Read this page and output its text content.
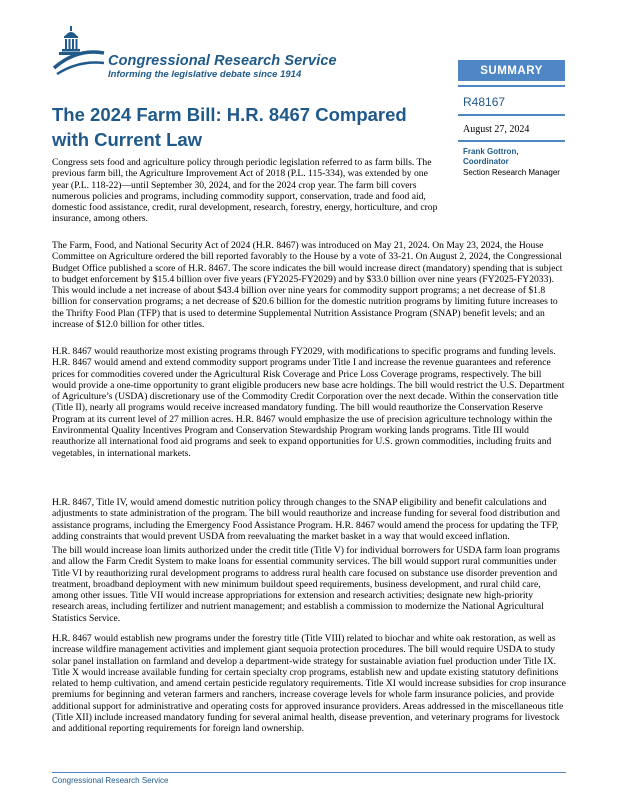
Congressional Research Service
Informing the legislative debate since 1914	SUMMARY
R48167
August 27, 2024
Frank Gottron,
Coordinator
Section Research Manager
The 2024 Farm Bill: H.R. 8467 Compared with Current Law

Congress sets food and agriculture policy through periodic legislation referred to as farm bills. The previous farm bill, the Agriculture Improvement Act of 2018 (P.L. 115-334), was extended by one year (P.L. 118-22)—until September 30, 2024, and for the 2024 crop year. The farm bill covers numerous policies and programs, including commodity support, conservation, trade and food aid, domestic food assistance, credit, rural development, research, forestry, energy, horticulture, and crop insurance, among others.

The Farm, Food, and National Security Act of 2024 (H.R. 8467) was introduced on May 21, 2024. On May 23, 2024, the House Committee on Agriculture ordered the bill reported favorably to the House by a vote of 33-21. On August 2, 2024, the Congressional Budget Office published a score of H.R. 8467. The score indicates the bill would increase direct (mandatory) spending that is subject to budget enforcement by $15.4 billion over five years (FY2025-FY2029) and by $33.0 billion over nine years (FY2025-FY2033). This would include a net increase of about $43.4 billion over nine years for commodity support programs; a net decrease of $1.8 billion for conservation programs; a net decrease of $20.6 billion for the domestic nutrition programs by limiting future increases to the Thrifty Food Plan (TFP) that is used to determine Supplemental Nutrition Assistance Program (SNAP) benefit levels; and an increase of $12.0 billion for other titles.

H.R. 8467 would reauthorize most existing programs through FY2029, with modifications to specific programs and funding levels. H.R. 8467 would amend and extend commodity support programs under Title I and increase the revenue guarantees and reference prices for commodities covered under the Agricultural Risk Coverage and Price Loss Coverage programs, respectively. The bill would provide a one-time opportunity to grant eligible producers new base acre holdings. The bill would restrict the U.S. Department of Agriculture’s (USDA) discretionary use of the Commodity Credit Corporation over the next decade. Within the conservation title (Title II), nearly all programs would receive increased mandatory funding. The bill would reauthorize the Conservation Reserve Program at its current level of 27 million acres. H.R. 8467 would emphasize the use of precision agriculture technology within the Environmental Quality Incentives Program and Conservation Stewardship Program working lands programs. Title III would reauthorize all international food aid programs and seek to expand opportunities for U.S. grown commodities, including fruits and vegetables, in international markets.

H.R. 8467, Title IV, would amend domestic nutrition policy through changes to the SNAP eligibility and benefit calculations and adjustments to state administration of the program. The bill would reauthorize and increase funding for several food distribution and assistance programs, including the Emergency Food Assistance Program. H.R. 8467 would amend the process for updating the TFP, adding constraints that would prevent USDA from reevaluating the market basket in a way that would exceed inflation.

The bill would increase loan limits authorized under the credit title (Title V) for individual borrowers for USDA farm loan programs and allow the Farm Credit System to make loans for essential community services. The bill would support rural communities under Title VI by reauthorizing rural development programs to address rural health care focused on substance use disorder prevention and treatment, broadband deployment with new minimum buildout speed requirements, business development, and rural child care, among other issues. Title VII would increase appropriations for extension and research activities; designate new high-priority research areas, including fertilizer and nutrient management; and establish a commission to modernize the National Agricultural Statistics Service.

H.R. 8467 would establish new programs under the forestry title (Title VIII) related to biochar and white oak restoration, as well as increase wildfire management activities and implement giant sequoia protection procedures. The bill would require USDA to study solar panel installation on farmland and develop a department-wide strategy for sustainable aviation fuel production under Title IX. Title X would increase available funding for certain specialty crop programs, establish new and update existing statutory definitions related to hemp cultivation, and amend certain pesticide regulatory requirements. Title XI would increase subsidies for crop insurance premiums for beginning and veteran farmers and ranchers, increase coverage levels for whole farm insurance policies, and provide additional support for administrative and operating costs for approved insurance providers. Areas addressed in the miscellaneous title (Title XII) include increased mandatory funding for several animal health, disease prevention, and veterinary programs for livestock and additional reporting requirements for foreign land ownership.

Congressional Research Service
